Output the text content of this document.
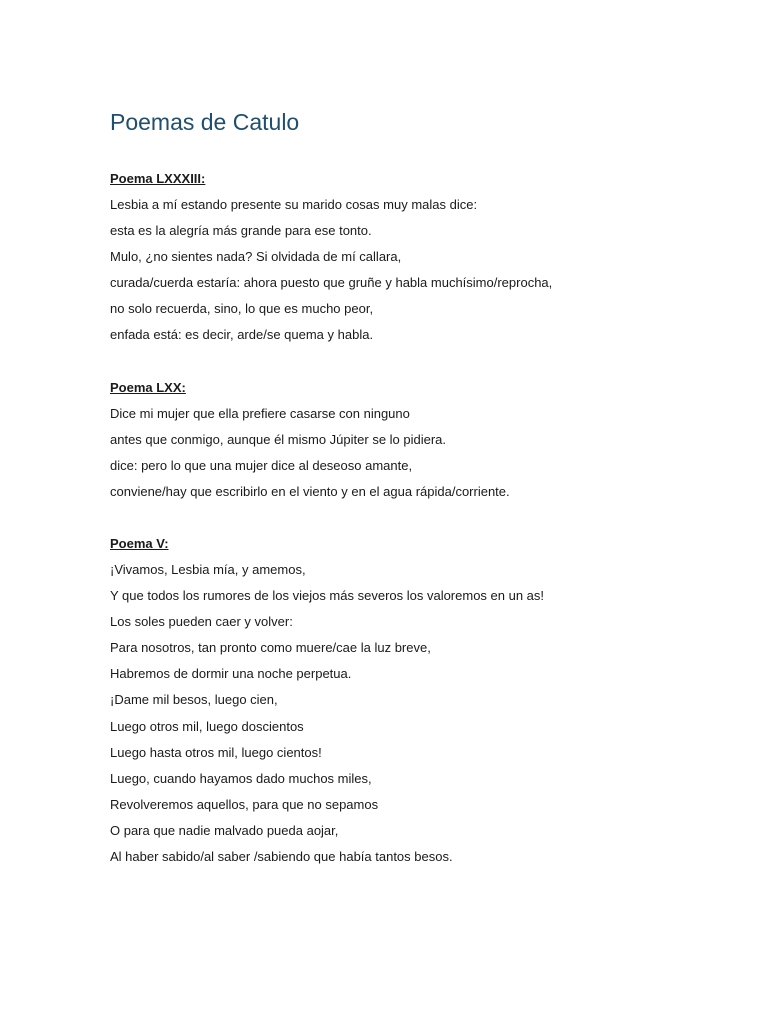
Poemas de Catulo

Poema LXXXIII:

Lesbia a mí estando presente su marido cosas muy malas dice:

esta es la alegría más grande para ese tonto.

Mulo, ¿no sientes nada? Si olvidada de mí callara,

curada/cuerda estaría: ahora puesto que gruñe y habla muchísimo/reprocha,

no solo recuerda, sino, lo que es mucho peor,

enfada está: es decir, arde/se quema y habla.

Poema LXX:

Dice mi mujer que ella prefiere casarse con ninguno

antes que conmigo, aunque él mismo Júpiter se lo pidiera.

dice: pero lo que una mujer dice al deseoso amante,

conviene/hay que escribirlo en el viento y en el agua rápida/corriente.

Poema V:

¡Vivamos, Lesbia mía, y amemos,

Y que todos los rumores de los viejos más severos los valoremos en un as!

Los soles pueden caer y volver:

Para nosotros, tan pronto como muere/cae la luz breve,

Habremos de dormir una noche perpetua.

¡Dame mil besos, luego cien,

Luego otros mil, luego doscientos

Luego hasta otros mil, luego cientos!

Luego, cuando hayamos dado muchos miles,

Revolveremos aquellos, para que no sepamos

O para que nadie malvado pueda aojar,

Al haber sabido/al saber /sabiendo que había tantos besos.
